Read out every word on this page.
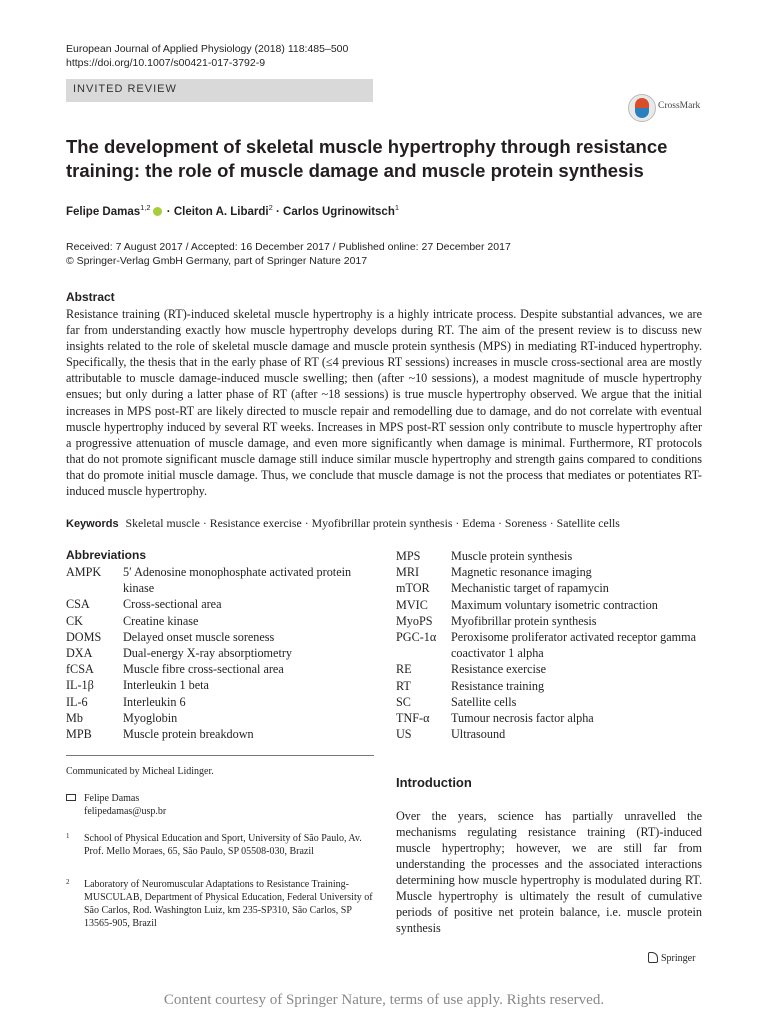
European Journal of Applied Physiology (2018) 118:485–500
https://doi.org/10.1007/s00421-017-3792-9
INVITED REVIEW
CrossMark
The development of skeletal muscle hypertrophy through resistance training: the role of muscle damage and muscle protein synthesis
Felipe Damas$^{1,2}$ · Cleiton A. Libardi$^2$ · Carlos Ugrinowitsch$^1$
Received: 7 August 2017 / Accepted: 16 December 2017 / Published online: 27 December 2017
© Springer-Verlag GmbH Germany, part of Springer Nature 2017
Abstract
Resistance training (RT)-induced skeletal muscle hypertrophy is a highly intricate process. Despite substantial advances, we are far from understanding exactly how muscle hypertrophy develops during RT. The aim of the present review is to discuss new insights related to the role of skeletal muscle damage and muscle protein synthesis (MPS) in mediating RT-induced hypertrophy. Specifically, the thesis that in the early phase of RT (≤4 previous RT sessions) increases in muscle cross-sectional area are mostly attributable to muscle damage-induced muscle swelling; then (after ~10 sessions), a modest magnitude of muscle hypertrophy ensues; but only during a latter phase of RT (after ~18 sessions) is true muscle hypertrophy observed. We argue that the initial increases in MPS post-RT are likely directed to muscle repair and remodelling due to damage, and do not correlate with eventual muscle hypertrophy induced by several RT weeks. Increases in MPS post-RT session only contribute to muscle hypertrophy after a progressive attenuation of muscle damage, and even more significantly when damage is minimal. Furthermore, RT protocols that do not promote significant muscle damage still induce similar muscle hypertrophy and strength gains compared to conditions that do promote initial muscle damage. Thus, we conclude that muscle damage is not the process that mediates or potentiates RT-induced muscle hypertrophy.
Keywords Skeletal muscle · Resistance exercise · Myofibrillar protein synthesis · Edema · Soreness · Satellite cells
Abbreviations
AMPK	5′ Adenosine monophosphate activated protein kinase
CSA	Cross-sectional area
CK	Creatine kinase
DOMS	Delayed onset muscle soreness
DXA	Dual-energy X-ray absorptiometry
fCSA	Muscle fibre cross-sectional area
IL-1β	Interleukin 1 beta
IL-6	Interleukin 6
Mb	Myoglobin
MPB	Muscle protein breakdown
MPS	Muscle protein synthesis
MRI	Magnetic resonance imaging
mTOR	Mechanistic target of rapamycin
MVIC	Maximum voluntary isometric contraction
MyoPS	Myofibrillar protein synthesis
PGC-1α	Peroxisome proliferator activated receptor gamma coactivator 1 alpha
RE	Resistance exercise
RT	Resistance training
SC	Satellite cells
TNF-α	Tumour necrosis factor alpha
US	Ultrasound
Communicated by Micheal Lidinger.
Felipe Damas
felipedamas@usp.br
1 School of Physical Education and Sport, University of São Paulo, Av. Prof. Mello Moraes, 65, São Paulo, SP 05508-030, Brazil
2 Laboratory of Neuromuscular Adaptations to Resistance Training-MUSCULAB, Department of Physical Education, Federal University of São Carlos, Rod. Washington Luiz, km 235-SP310, São Carlos, SP 13565-905, Brazil
Introduction
Over the years, science has partially unravelled the mechanisms regulating resistance training (RT)-induced muscle hypertrophy; however, we are still far from understanding the processes and the associated interactions determining how muscle hypertrophy is modulated during RT. Muscle hypertrophy is ultimately the result of cumulative periods of positive net protein balance, i.e. muscle protein synthesis
Springer
Content courtesy of Springer Nature, terms of use apply. Rights reserved.
